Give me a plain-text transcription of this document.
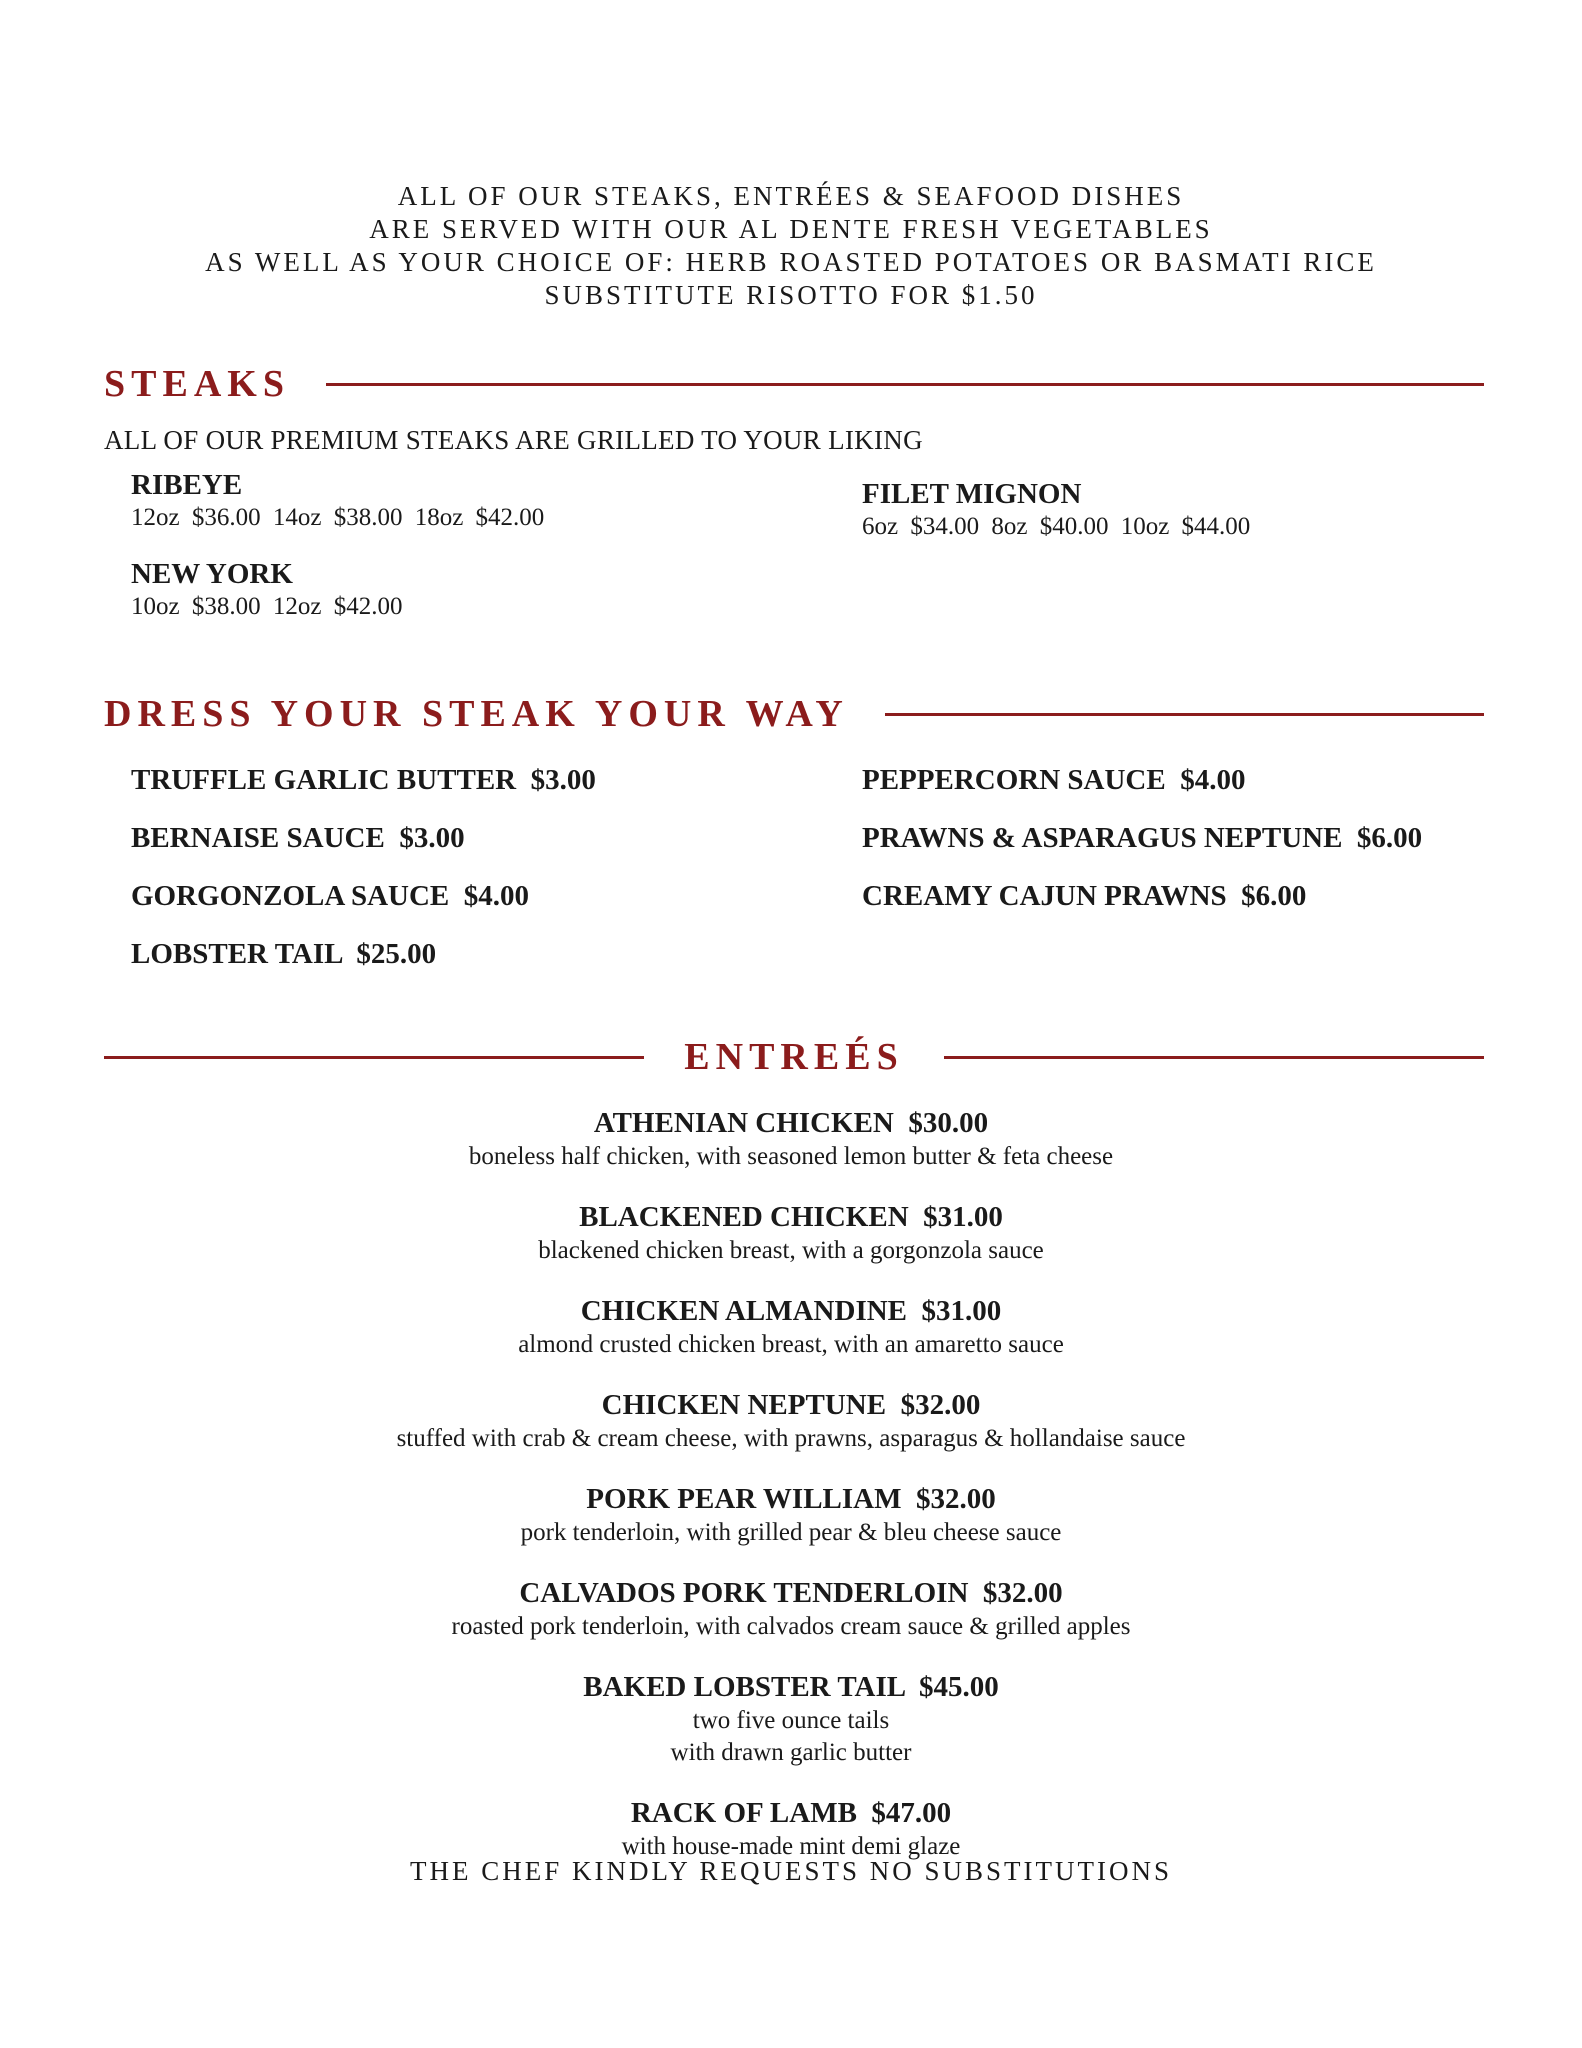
ALL OF OUR STEAKS, ENTRÉES & SEAFOOD DISHES
ARE SERVED WITH OUR AL DENTE FRESH VEGETABLES
AS WELL AS YOUR CHOICE OF: HERB ROASTED POTATOES OR BASMATI RICE
SUBSTITUTE RISOTTO FOR $1.50
STEAKS
ALL OF OUR PREMIUM STEAKS ARE GRILLED TO YOUR LIKING
RIBEYE
12oz $36.00 14oz $38.00 18oz $42.00
NEW YORK
10oz $38.00 12oz $42.00
FILET MIGNON
6oz $34.00 8oz $40.00 10oz $44.00
DRESS YOUR STEAK YOUR WAY
TRUFFLE GARLIC BUTTER  $3.00
BERNAISE SAUCE  $3.00
GORGONZOLA SAUCE  $4.00
LOBSTER TAIL  $25.00
PEPPERCORN SAUCE  $4.00
PRAWNS & ASPARAGUS NEPTUNE  $6.00
CREAMY CAJUN PRAWNS  $6.00
ENTREÉS
ATHENIAN CHICKEN  $30.00
boneless half chicken, with seasoned lemon butter & feta cheese
BLACKENED CHICKEN  $31.00
blackened chicken breast, with a gorgonzola sauce
CHICKEN ALMANDINE  $31.00
almond crusted chicken breast, with an amaretto sauce
CHICKEN NEPTUNE  $32.00
stuffed with crab & cream cheese, with prawns, asparagus & hollandaise sauce
PORK PEAR WILLIAM  $32.00
pork tenderloin, with grilled pear & bleu cheese sauce
CALVADOS PORK TENDERLOIN  $32.00
roasted pork tenderloin, with calvados cream sauce & grilled apples
BAKED LOBSTER TAIL  $45.00
two five ounce tails
with drawn garlic butter
RACK OF LAMB  $47.00
with house-made mint demi glaze
THE CHEF KINDLY REQUESTS NO SUBSTITUTIONS
